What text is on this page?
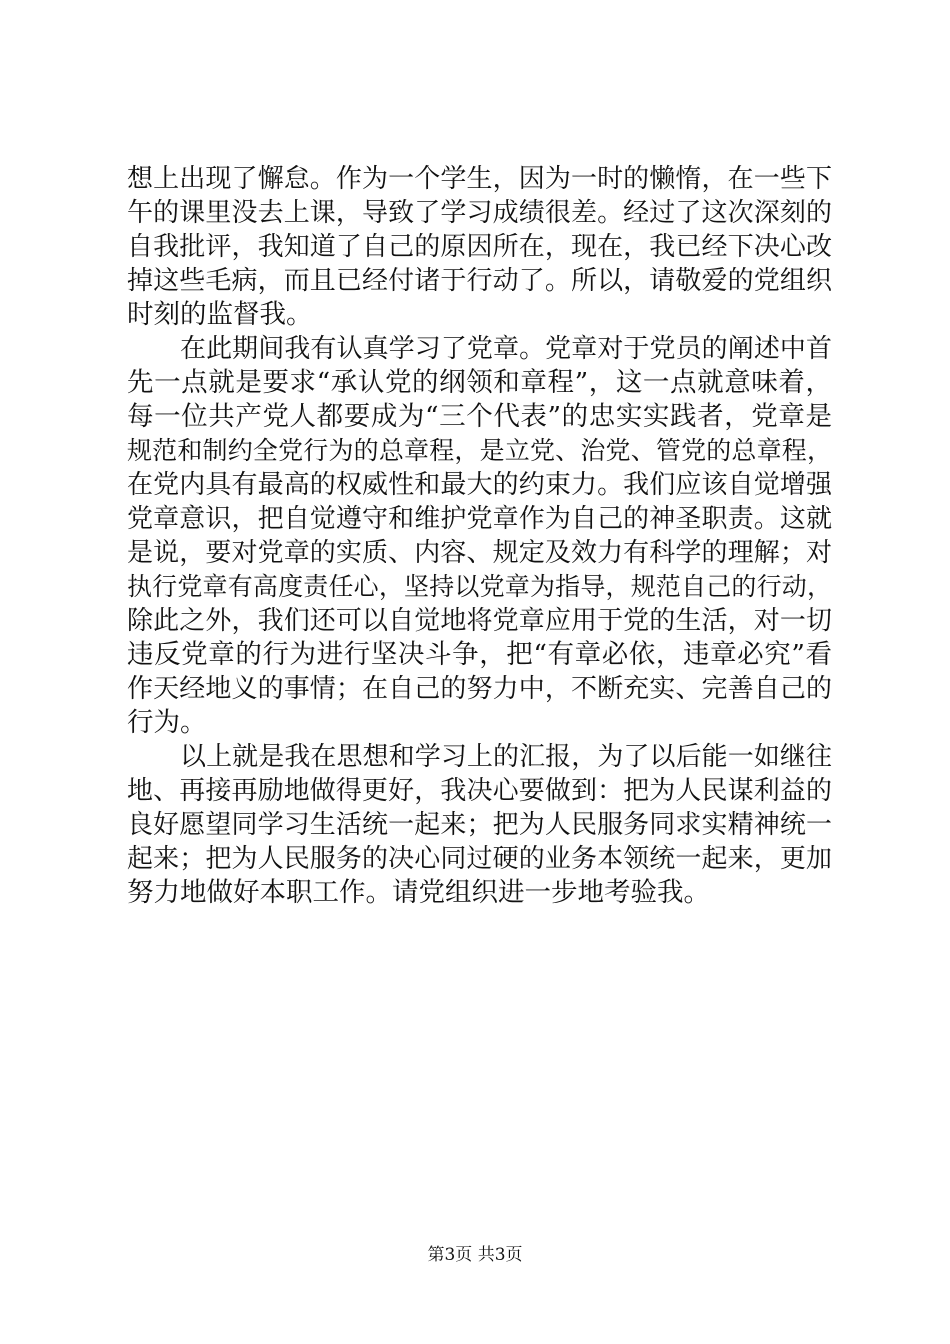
想上出现了懈怠。作为一个学生，因为一时的懒惰，在一些下
午的课里没去上课，导致了学习成绩很差。经过了这次深刻的
自我批评，我知道了自己的原因所在，现在，我已经下决心改
掉这些毛病，而且已经付诸于行动了。所以，请敬爱的党组织
时刻的监督我。
在此期间我有认真学习了党章。党章对于党员的阐述中首
先一点就是要求“承认党的纲领和章程”，这一点就意味着，
每一位共产党人都要成为“三个代表”的忠实实践者，党章是
规范和制约全党行为的总章程，是立党、治党、管党的总章程，
在党内具有最高的权威性和最大的约束力。我们应该自觉增强
党章意识，把自觉遵守和维护党章作为自己的神圣职责。这就
是说，要对党章的实质、内容、规定及效力有科学的理解；对
执行党章有高度责任心，坚持以党章为指导，规范自己的行动，
除此之外，我们还可以自觉地将党章应用于党的生活，对一切
违反党章的行为进行坚决斗争，把“有章必依，违章必究”看
作天经地义的事情；在自己的努力中，不断充实、完善自己的
行为。
以上就是我在思想和学习上的汇报，为了以后能一如继往
地、再接再励地做得更好，我决心要做到：把为人民谋利益的
良好愿望同学习生活统一起来；把为人民服务同求实精神统一
起来；把为人民服务的决心同过硬的业务本领统一起来，更加
努力地做好本职工作。请党组织进一步地考验我。
第3页 共3页
